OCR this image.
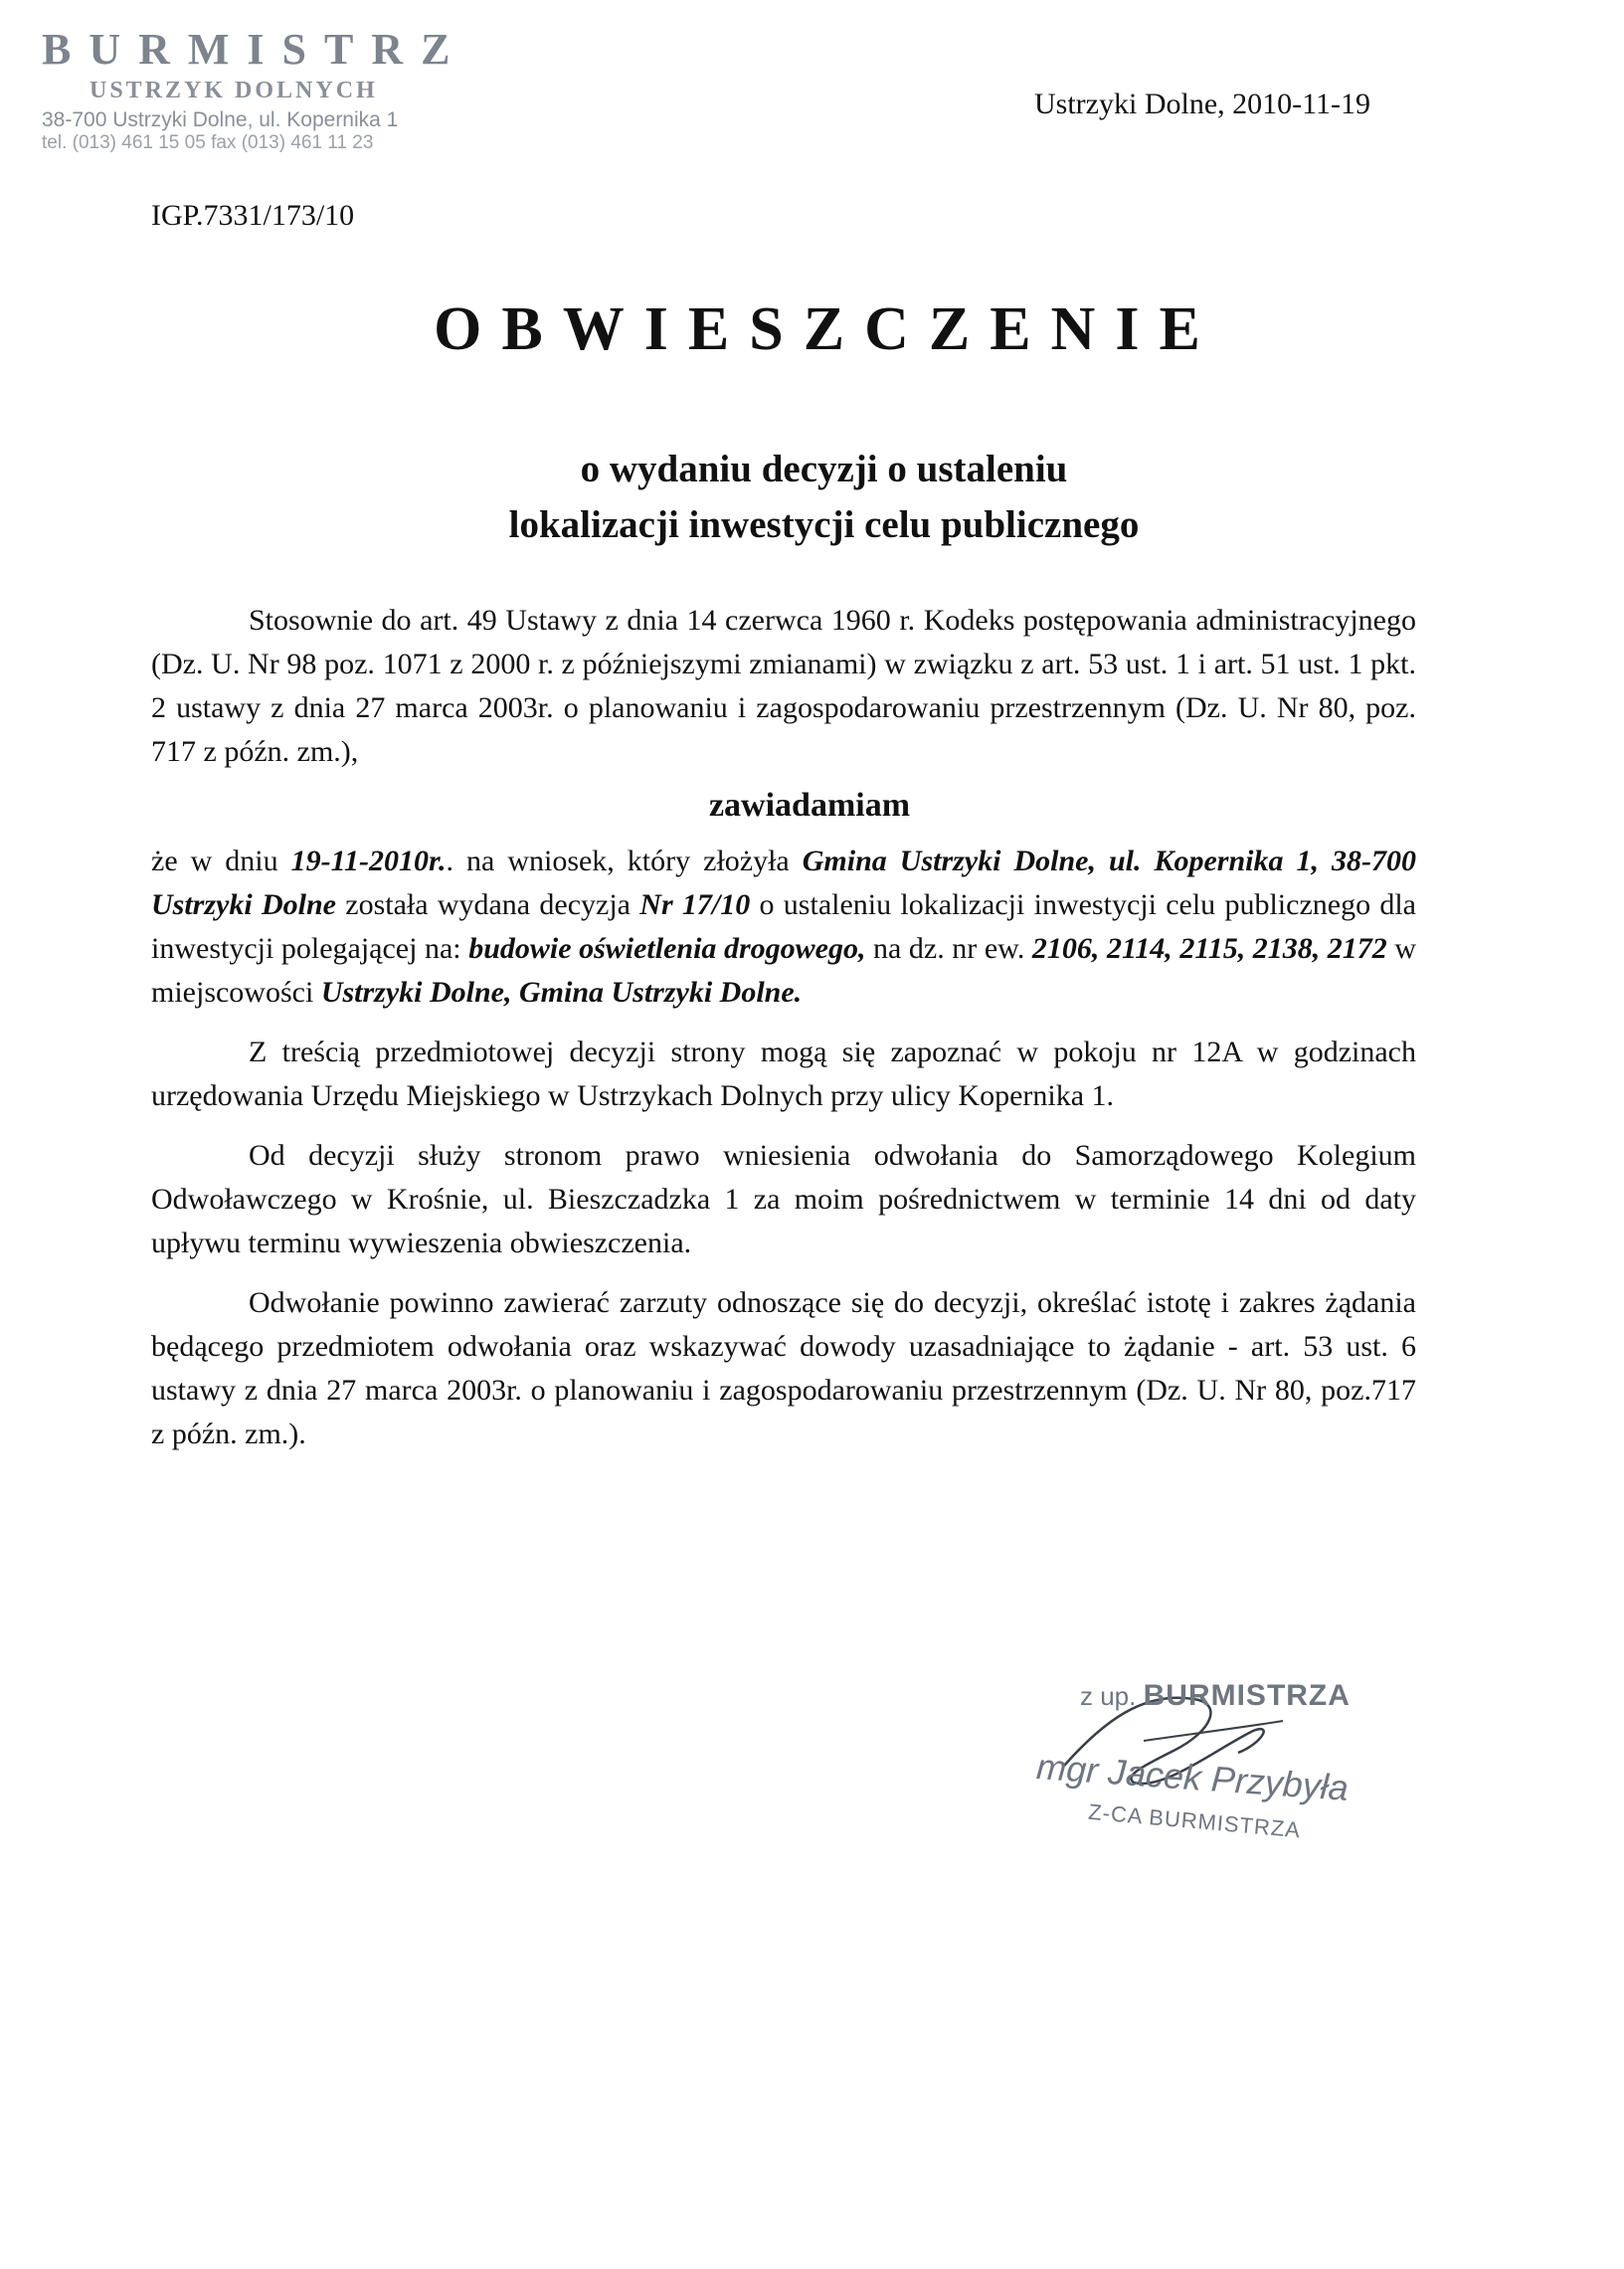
BURMISTRZ
USTRZYK DOLNYCH
38-700 Ustrzyki Dolne, ul. Kopernika 1
tel. (013) 461 15 05 fax (013) 461 11 23
Ustrzyki Dolne, 2010-11-19
IGP.7331/173/10
OBWIESZCZENIE
o wydaniu decyzji o ustaleniu
lokalizacji inwestycji celu publicznego

Stosownie do art. 49 Ustawy z dnia 14 czerwca 1960 r. Kodeks postępowania administracyjnego (Dz. U. Nr 98 poz. 1071 z 2000 r. z późniejszymi zmianami) w związku z art. 53 ust. 1 i art. 51 ust. 1 pkt. 2 ustawy z dnia 27 marca 2003r. o planowaniu i zagospodarowaniu przestrzennym (Dz. U. Nr 80, poz. 717 z późn. zm.),

zawiadamiam

że w dniu 19-11-2010r.. na wniosek, który złożyła Gmina Ustrzyki Dolne, ul. Kopernika 1, 38-700 Ustrzyki Dolne została wydana decyzja Nr 17/10 o ustaleniu lokalizacji inwestycji celu publicznego dla inwestycji polegającej na: budowie oświetlenia drogowego, na dz. nr ew. 2106, 2114, 2115, 2138, 2172 w miejscowości Ustrzyki Dolne, Gmina Ustrzyki Dolne.

Z treścią przedmiotowej decyzji strony mogą się zapoznać w pokoju nr 12A w godzinach urzędowania Urzędu Miejskiego w Ustrzykach Dolnych przy ulicy Kopernika 1.

Od decyzji służy stronom prawo wniesienia odwołania do Samorządowego Kolegium Odwoławczego w Krośnie, ul. Bieszczadzka 1 za moim pośrednictwem w terminie 14 dni od daty upływu terminu wywieszenia obwieszczenia.

Odwołanie powinno zawierać zarzuty odnoszące się do decyzji, określać istotę i zakres żądania będącego przedmiotem odwołania oraz wskazywać dowody uzasadniające to żądanie - art. 53 ust. 6 ustawy z dnia 27 marca 2003r. o planowaniu i zagospodarowaniu przestrzennym (Dz. U. Nr 80, poz.717 z późn. zm.).

z up. BURMISTRZA
mgr Jacek Przybyła
Z-CA BURMISTRZA
